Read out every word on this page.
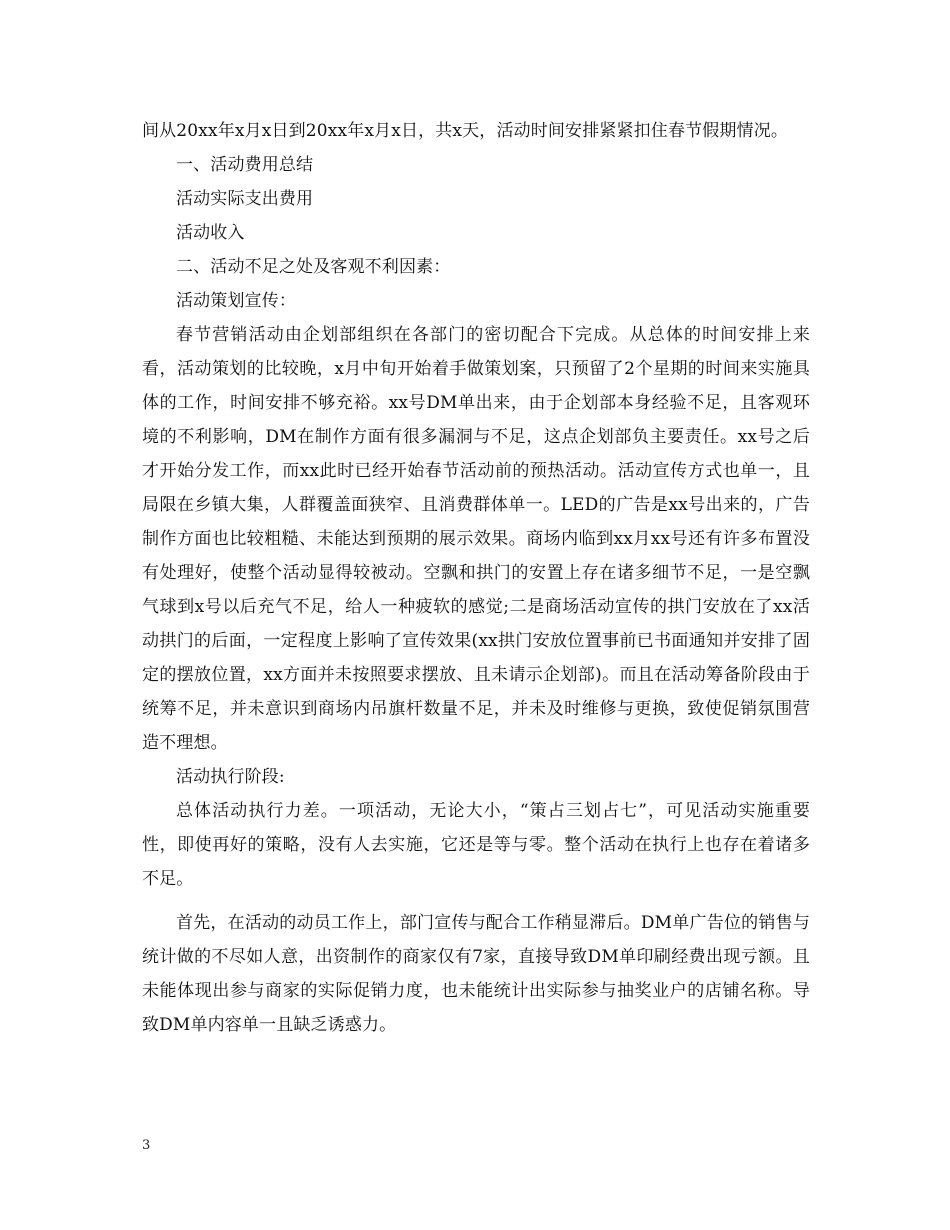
间从20xx年x月x日到20xx年x月x日，共x天，活动时间安排紧紧扣住春节假期情况。

一、活动费用总结

活动实际支出费用

活动收入

二、活动不足之处及客观不利因素：

活动策划宣传：

春节营销活动由企划部组织在各部门的密切配合下完成。从总体的时间安排上来看，活动策划的比较晚，x月中旬开始着手做策划案，只预留了2个星期的时间来实施具体的工作，时间安排不够充裕。xx号DM单出来，由于企划部本身经验不足，且客观环境的不利影响，DM在制作方面有很多漏洞与不足，这点企划部负主要责任。xx号之后才开始分发工作，而xx此时已经开始春节活动前的预热活动。活动宣传方式也单一，且局限在乡镇大集，人群覆盖面狭窄、且消费群体单一。LED的广告是xx号出来的，广告制作方面也比较粗糙、未能达到预期的展示效果。商场内临到xx月xx号还有许多布置没有处理好，使整个活动显得较被动。空飘和拱门的安置上存在诸多细节不足，一是空飘气球到x号以后充气不足，给人一种疲软的感觉;二是商场活动宣传的拱门安放在了xx活动拱门的后面，一定程度上影响了宣传效果(xx拱门安放位置事前已书面通知并安排了固定的摆放位置，xx方面并未按照要求摆放、且未请示企划部)。而且在活动筹备阶段由于统筹不足，并未意识到商场内吊旗杆数量不足，并未及时维修与更换，致使促销氛围营造不理想。

活动执行阶段:

总体活动执行力差。一项活动，无论大小，“策占三划占七”，可见活动实施重要性，即使再好的策略，没有人去实施，它还是等与零。整个活动在执行上也存在着诸多不足。

首先，在活动的动员工作上，部门宣传与配合工作稍显滞后。DM单广告位的销售与统计做的不尽如人意，出资制作的商家仅有7家，直接导致DM单印刷经费出现亏额。且未能体现出参与商家的实际促销力度，也未能统计出实际参与抽奖业户的店铺名称。导致DM单内容单一且缺乏诱惑力。

3
